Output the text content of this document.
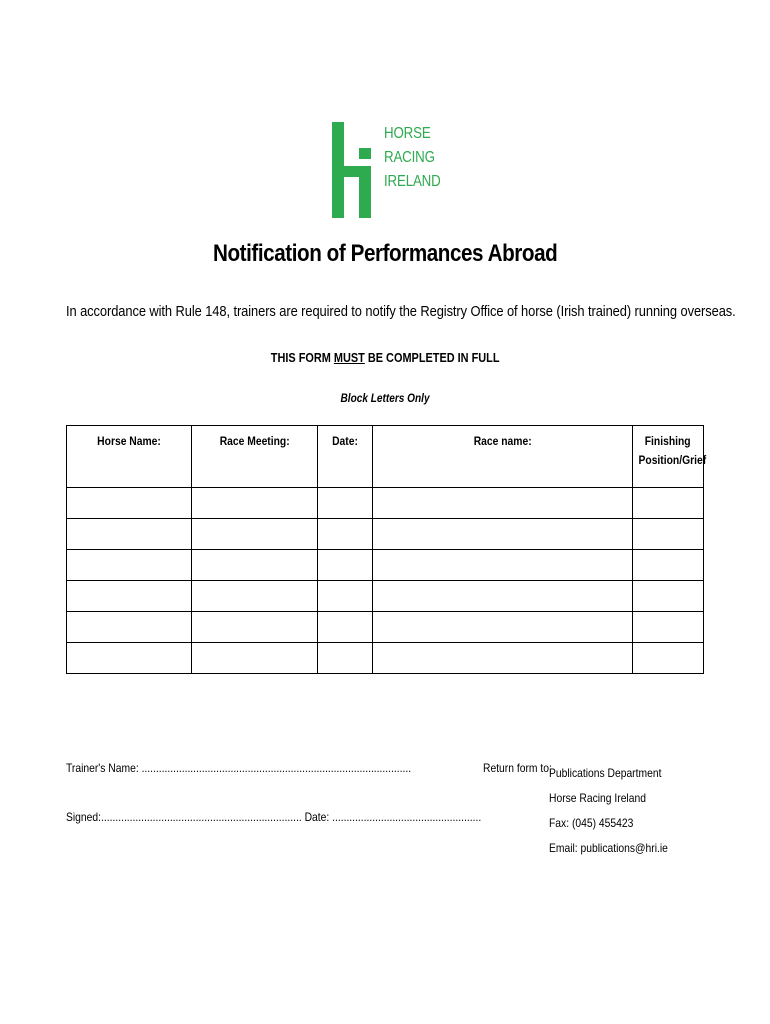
HORSE
RACING
IRELAND
Notification of Performances Abroad
In accordance with Rule 148, trainers are required to notify the Registry Office of horse (Irish trained) running overseas.
THIS FORM MUST BE COMPLETED IN FULL
Block Letters Only
Horse Name:	Race Meeting:	Date:	Race name:	Finishing
Position/Grief

Trainer's Name: ..............................................................................................
Signed:...................................................................... Date: ....................................................
Return form to:
Publications Department
Horse Racing Ireland
Fax: (045) 455423
Email: publications@hri.ie
